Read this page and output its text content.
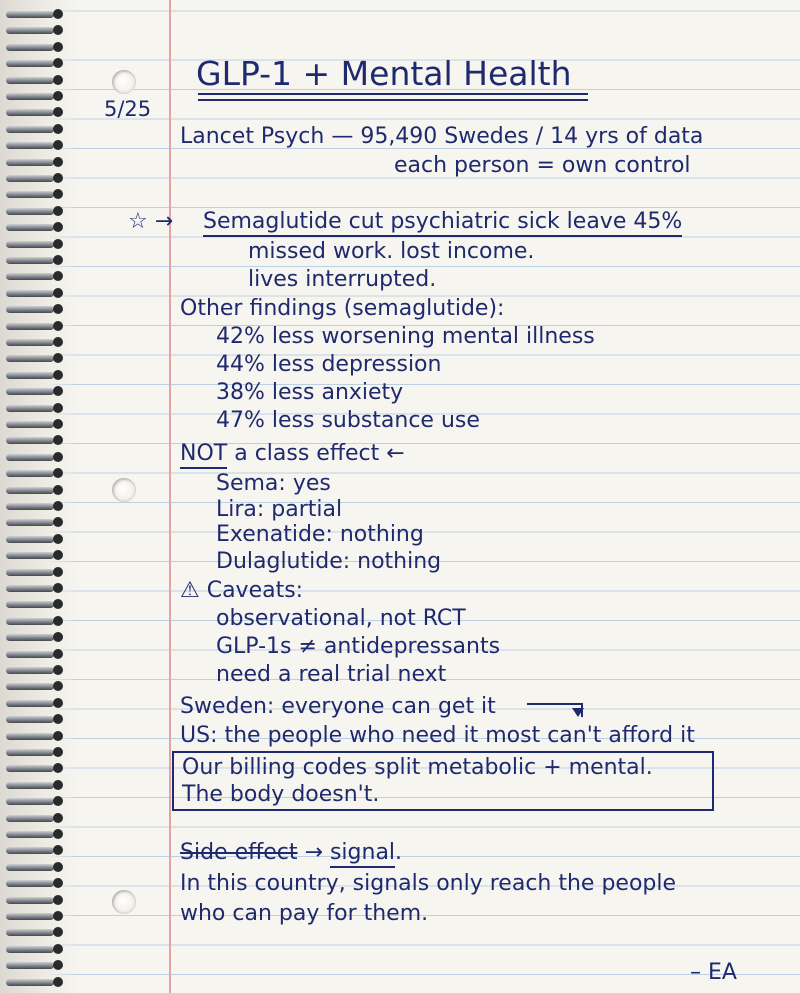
5/25
GLP-1 + Mental Health
Lancet Psych — 95,490 Swedes / 14 yrs of data
each person = own control
☆ → Semaglutide cut psychiatric sick leave 45%
missed work. lost income.
lives interrupted.
Other findings (semaglutide):
42% less worsening mental illness
44% less depression
38% less anxiety
47% less substance use
NOT a class effect ←
Sema: yes
Lira: partial
Exenatide: nothing
Dulaglutide: nothing
⚠ Caveats:
observational, not RCT
GLP-1s ≠ antidepressants
need a real trial next
Sweden: everyone can get it
US: the people who need it most can't afford it
Our billing codes split metabolic + mental.
The body doesn't.
Side effect → signal.
In this country, signals only reach the people
who can pay for them.
– EA
